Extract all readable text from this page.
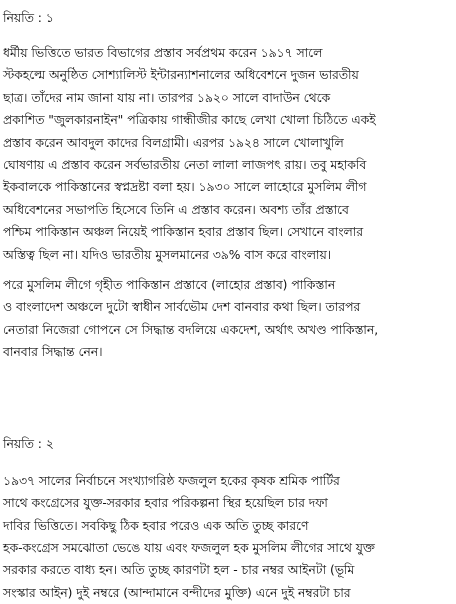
নিয়তি : ১
ধর্মীয় ভিত্তিতে ভারত বিভাগের প্রস্তাব সর্বপ্রথম করেন ১৯১৭ সালে
স্টকহল্মে অনুষ্ঠিত সোশ্যালিস্ট ইন্টারন্যাশনালের অধিবেশনে দুজন ভারতীয়
ছাত্র। তাঁদের নাম জানা যায় না। তারপর ১৯২০ সালে বাদাউন থেকে
প্রকাশিত "জুলকারনাইন" পত্রিকায় গান্ধীজীর কাছে লেখা খোলা চিঠিতে একই
প্রস্তাব করেন আবদুল কাদের বিলগ্রামী। এরপর ১৯২৪ সালে খোলাখুলি
ঘোষণায় এ প্রস্তাব করেন সর্বভারতীয় নেতা লালা লাজপৎ রায়। তবু মহাকবি
ইকবালকে পাকিস্তানের স্বপ্নদ্রষ্টা বলা হয়। ১৯৩০ সালে লাহোরে মুসলিম লীগ
অধিবেশনের সভাপতি হিসেবে তিনি এ প্রস্তাব করেন। অবশ্য তাঁর প্রস্তাবে
পশ্চিম পাকিস্তান অঞ্চল নিয়েই পাকিস্তান হবার প্রস্তাব ছিল। সেখানে বাংলার
অস্তিত্ব ছিল না। যদিও ভারতীয় মুসলমানের ৩৯% বাস করে বাংলায়।
পরে মুসলিম লীগে গৃহীত পাকিস্তান প্রস্তাবে (লাহোর প্রস্তাব) পাকিস্তান
ও বাংলাদেশ অঞ্চলে দুটো স্বাধীন সার্বভৌম দেশ বানবার কথা ছিল। তারপর
নেতারা নিজেরা গোপনে সে সিদ্ধান্ত বদলিয়ে একদেশ, অর্থাৎ অখণ্ড পাকিস্তান,
বানবার সিদ্ধান্ত নেন।
নিয়তি : ২
১৯৩৭ সালের নির্বাচনে সংখ্যাগরিষ্ঠ ফজলুল হকের কৃষক শ্রমিক পার্টির
সাথে কংগ্রেসের যুক্ত-সরকার হবার পরিকল্পনা স্থির হয়েছিল চার দফা
দাবির ভিত্তিতে। সবকিছু ঠিক হবার পরেও এক অতি তুচ্ছ কারণে
হক-কংগ্রেস সমঝোতা ভেঙে যায় এবং ফজলুল হক মুসলিম লীগের সাথে যুক্ত
সরকার করতে বাধ্য হন। অতি তুচ্ছ কারণটা হল - চার নম্বর আইনটা (ভূমি
সংস্কার আইন) দুই নম্বরে (আন্দামানে বন্দীদের মুক্তি) এনে দুই নম্বরটা চার
